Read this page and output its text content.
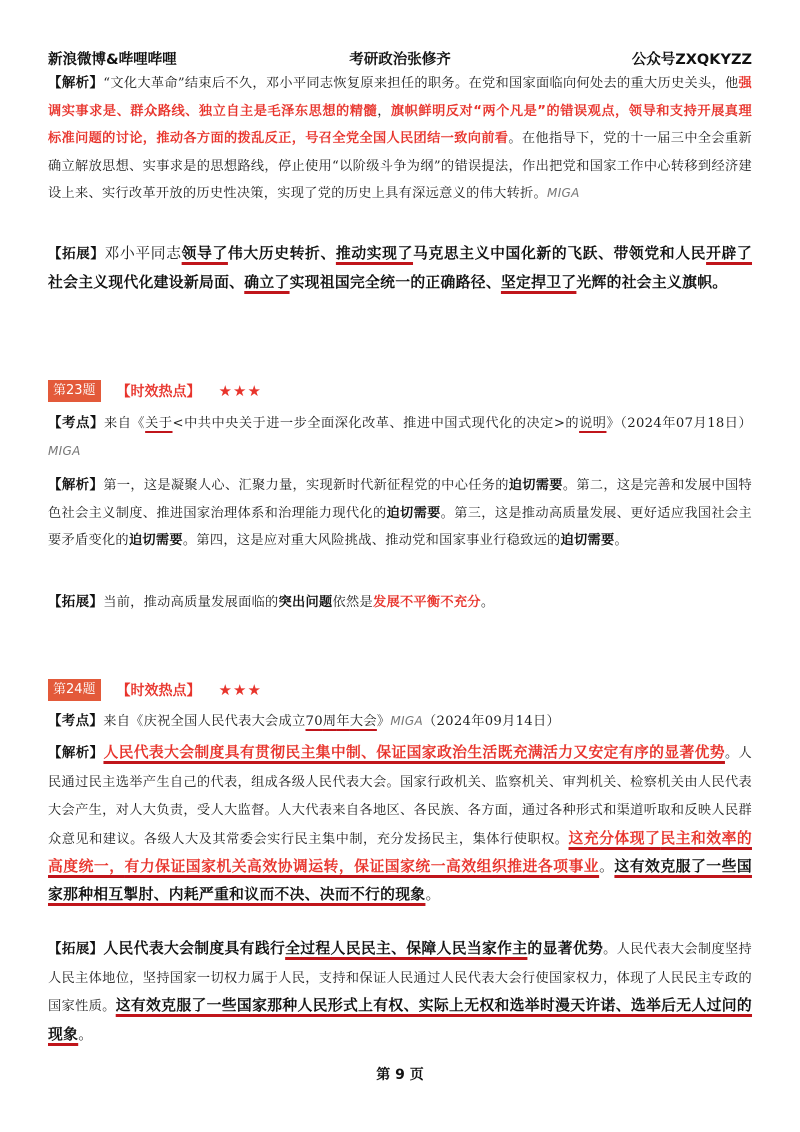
新浪微博&哔哩哔哩	考研政治张修齐	公众号ZXQKYZZ

【解析】“文化大革命”结束后不久，邓小平同志恢复原来担任的职务。在党和国家面临向何处去的重大历史关头，他强调实事求是、群众路线、独立自主是毛泽东思想的精髓，旗帜鲜明反对“两个凡是”的错误观点，领导和支持开展真理标准问题的讨论，推动各方面的拨乱反正，号召全党全国人民团结一致向前看。在他指导下，党的十一届三中全会重新确立解放思想、实事求是的思想路线，停止使用“以阶级斗争为纲”的错误提法，作出把党和国家工作中心转移到经济建设上来、实行改革开放的历史性决策，实现了党的历史上具有深远意义的伟大转折。MIGA

【拓展】邓小平同志领导了伟大历史转折、推动实现了马克思主义中国化新的飞跃、带领党和人民开辟了社会主义现代化建设新局面、确立了实现祖国完全统一的正确路径、坚定捍卫了光辉的社会主义旗帜。

第23题	【时效热点】 ★★★

【考点】来自《关于<中共中央关于进一步全面深化改革、推进中国式现代化的决定>的说明》（2024年07月18日）MIGA

【解析】第一，这是凝聚人心、汇聚力量，实现新时代新征程党的中心任务的迫切需要。第二，这是完善和发展中国特色社会主义制度、推进国家治理体系和治理能力现代化的迫切需要。第三，这是推动高质量发展、更好适应我国社会主要矛盾变化的迫切需要。第四，这是应对重大风险挑战、推动党和国家事业行稳致远的迫切需要。

【拓展】当前，推动高质量发展面临的突出问题依然是发展不平衡不充分。

第24题	【时效热点】 ★★★

【考点】来自《庆祝全国人民代表大会成立70周年大会》MIGA（2024年09月14日）

【解析】人民代表大会制度具有贯彻民主集中制、保证国家政治生活既充满活力又安定有序的显著优势。人民通过民主选举产生自己的代表，组成各级人民代表大会。国家行政机关、监察机关、审判机关、检察机关由人民代表大会产生，对人大负责，受人大监督。人大代表来自各地区、各民族、各方面，通过各种形式和渠道听取和反映人民群众意见和建议。各级人大及其常委会实行民主集中制，充分发扬民主，集体行使职权。这充分体现了民主和效率的高度统一，有力保证国家机关高效协调运转，保证国家统一高效组织推进各项事业。这有效克服了一些国家那种相互掣肘、内耗严重和议而不决、决而不行的现象。

【拓展】人民代表大会制度具有践行全过程人民民主、保障人民当家作主的显著优势。人民代表大会制度坚持人民主体地位，坚持国家一切权力属于人民，支持和保证人民通过人民代表大会行使国家权力，体现了人民民主专政的国家性质。这有效克服了一些国家那种人民形式上有权、实际上无权和选举时漫天许诺、选举后无人过问的现象。

第 9 页
